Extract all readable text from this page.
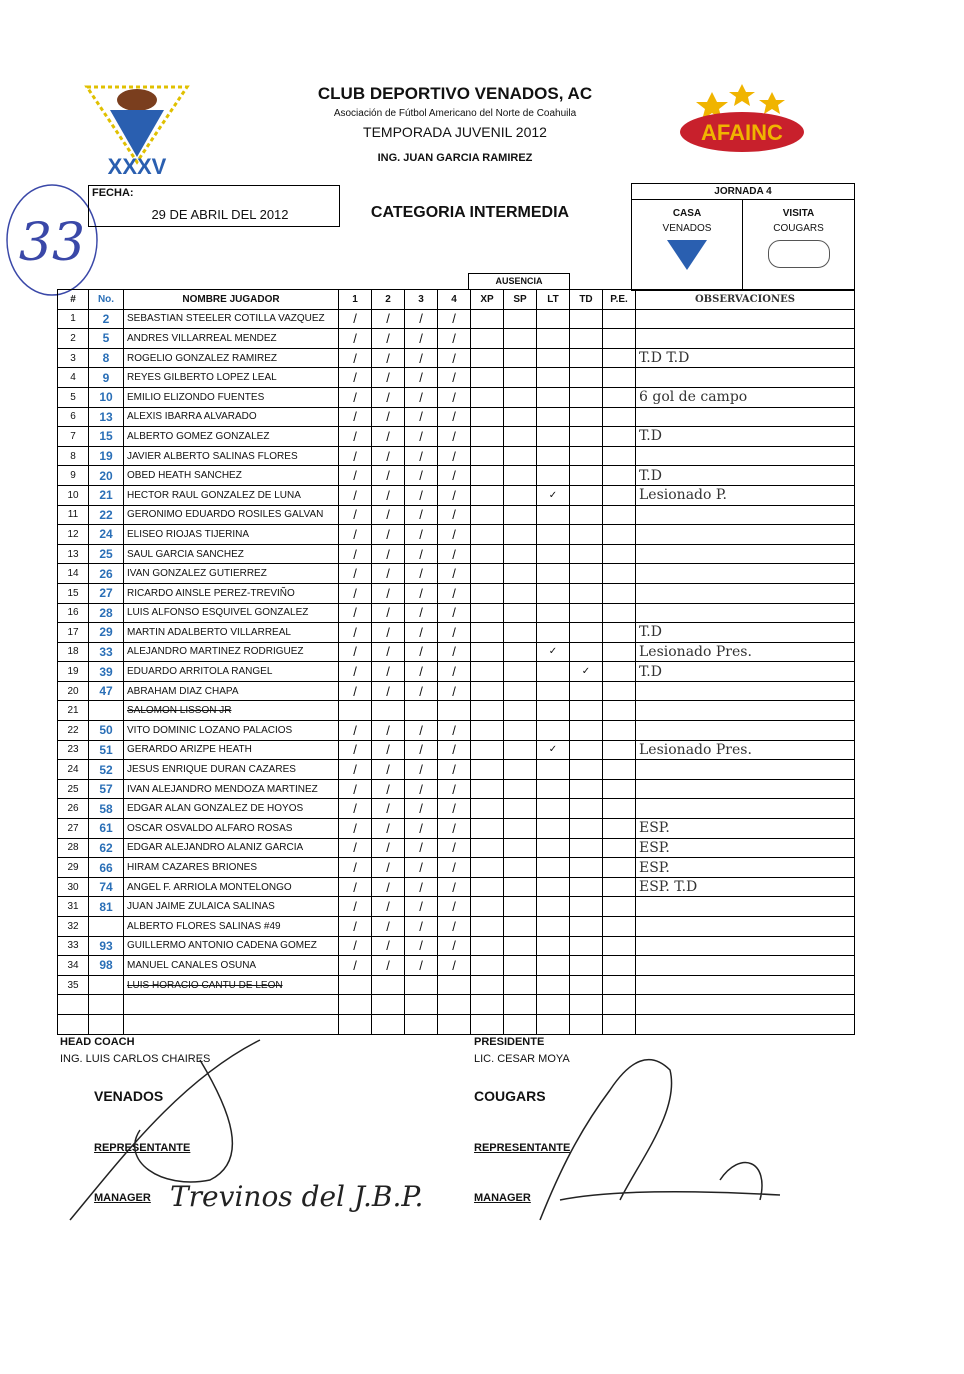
XXXV
AFAINC
33
CLUB DEPORTIVO VENADOS, AC
Asociación de Fútbol Americano del Norte de Coahuila
TEMPORADA JUVENIL 2012
ING. JUAN GARCIA RAMIREZ
FECHA:
29 DE ABRIL DEL 2012	CATEGORIA INTERMEDIA
JORNADA 4
CASA
VENADOS
VISITA
COUGARS
AUSENCIA
#	No.	NOMBRE JUGADOR	1	2	3	4	XP	SP	LT	TD	P.E.	OBSERVACIONES
1	2	SEBASTIAN STEELER COTILLA VAZQUEZ	/	/	/	/						
2	5	ANDRES VILLARREAL MENDEZ	/	/	/	/						
3	8	ROGELIO GONZALEZ RAMIREZ	/	/	/	/						T.D T.D
4	9	REYES GILBERTO LOPEZ LEAL	/	/	/	/						
5	10	EMILIO ELIZONDO FUENTES	/	/	/	/						6 gol de campo
6	13	ALEXIS IBARRA ALVARADO	/	/	/	/						
7	15	ALBERTO GOMEZ GONZALEZ	/	/	/	/						T.D
8	19	JAVIER ALBERTO SALINAS FLORES	/	/	/	/						
9	20	OBED HEATH SANCHEZ	/	/	/	/						T.D
10	21	HECTOR RAUL GONZALEZ DE LUNA	/	/	/	/			✓			Lesionado P.
11	22	GERONIMO EDUARDO ROSILES GALVAN	/	/	/	/						
12	24	ELISEO RIOJAS TIJERINA	/	/	/	/						
13	25	SAUL GARCIA SANCHEZ	/	/	/	/						
14	26	IVAN GONZALEZ GUTIERREZ	/	/	/	/						
15	27	RICARDO AINSLE PEREZ-TREVIÑO	/	/	/	/						
16	28	LUIS ALFONSO ESQUIVEL GONZALEZ	/	/	/	/						
17	29	MARTIN ADALBERTO VILLARREAL	/	/	/	/						T.D
18	33	ALEJANDRO MARTINEZ RODRIGUEZ	/	/	/	/			✓			Lesionado Pres.
19	39	EDUARDO ARRITOLA RANGEL	/	/	/	/				✓		T.D
20	47	ABRAHAM DIAZ CHAPA	/	/	/	/						
21		SALOMON LISSON JR										
22	50	VITO DOMINIC LOZANO PALACIOS	/	/	/	/						
23	51	GERARDO ARIZPE HEATH	/	/	/	/			✓			Lesionado Pres.
24	52	JESUS ENRIQUE DURAN CAZARES	/	/	/	/						
25	57	IVAN ALEJANDRO MENDOZA MARTINEZ	/	/	/	/						
26	58	EDGAR ALAN GONZALEZ DE HOYOS	/	/	/	/						
27	61	OSCAR OSVALDO ALFARO ROSAS	/	/	/	/						ESP.
28	62	EDGAR ALEJANDRO ALANIZ GARCIA	/	/	/	/						ESP.
29	66	HIRAM CAZARES BRIONES	/	/	/	/						ESP.
30	74	ANGEL F. ARRIOLA MONTELONGO	/	/	/	/						ESP. T.D
31	81	JUAN JAIME ZULAICA SALINAS	/	/	/	/						
32		ALBERTO FLORES SALINAS #49	/	/	/	/						
33	93	GUILLERMO ANTONIO CADENA GOMEZ	/	/	/	/						
34	98	MANUEL CANALES OSUNA	/	/	/	/						
35		LUIS HORACIO CANTU DE LEON										

HEAD COACH
ING. LUIS CARLOS CHAIRES
PRESIDENTE
LIC. CESAR MOYA
VENADOS	COUGARS
REPRESENTANTE	REPRESENTANTE
MANAGER	MANAGER
Trevinos del J.B.P.
